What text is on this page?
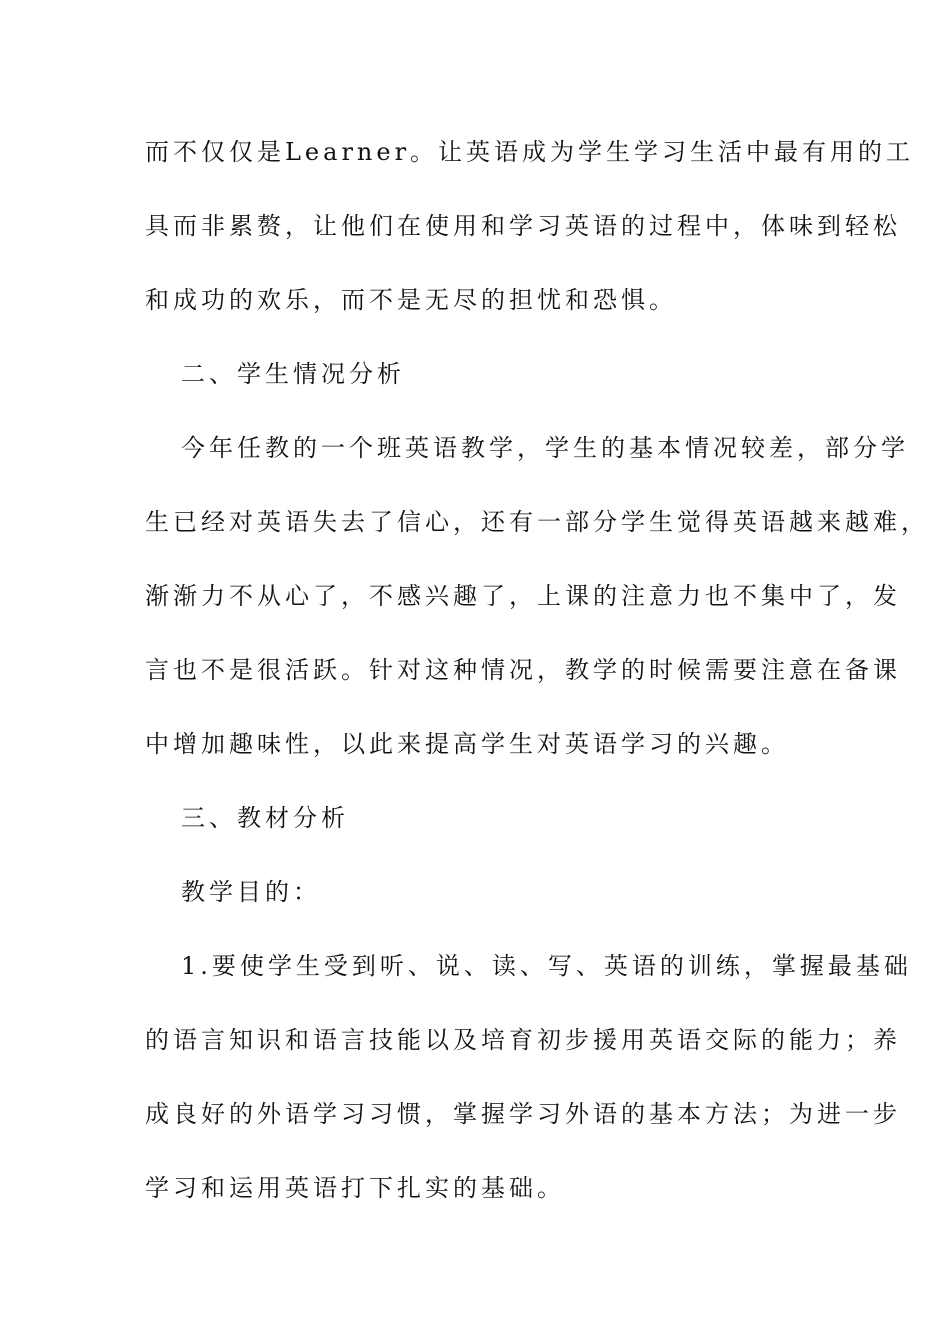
而不仅仅是Learner。让英语成为学生学习生活中最有用的工
具而非累赘，让他们在使用和学习英语的过程中，体味到轻松
和成功的欢乐，而不是无尽的担忧和恐惧。
二、学生情况分析
今年任教的一个班英语教学，学生的基本情况较差，部分学
生已经对英语失去了信心，还有一部分学生觉得英语越来越难，
渐渐力不从心了，不感兴趣了，上课的注意力也不集中了，发
言也不是很活跃。针对这种情况，教学的时候需要注意在备课
中增加趣味性，以此来提高学生对英语学习的兴趣。
三、教材分析
教学目的：
1.要使学生受到听、说、读、写、英语的训练，掌握最基础
的语言知识和语言技能以及培育初步援用英语交际的能力；养
成良好的外语学习习惯，掌握学习外语的基本方法；为进一步
学习和运用英语打下扎实的基础。
